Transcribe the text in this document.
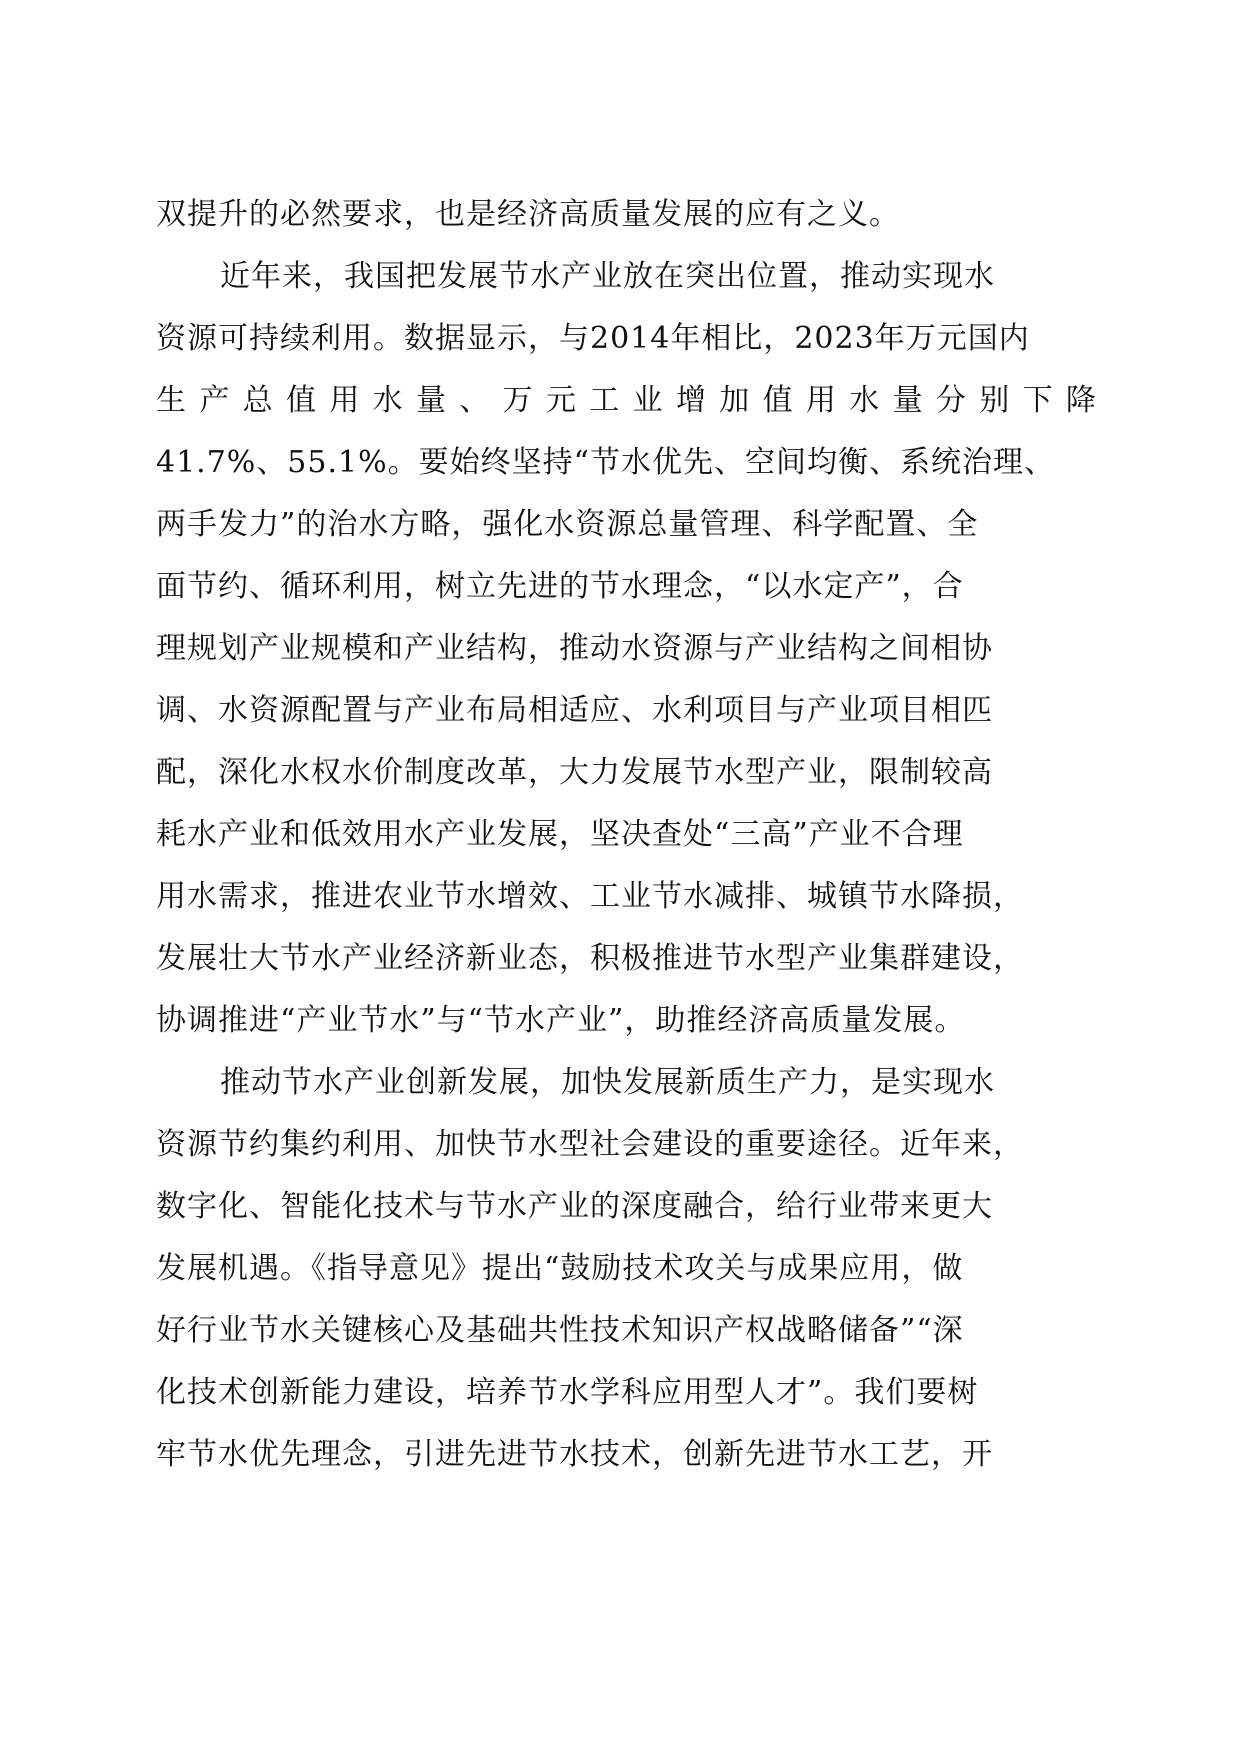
双提升的必然要求，也是经济高质量发展的应有之义。
近年来，我国把发展节水产业放在突出位置，推动实现水
资源可持续利用。数据显示，与2014年相比，2023年万元国内
生 产 总 值 用 水 量 、 万 元 工 业 增 加 值 用 水 量 分 别 下 降
41.7%、55.1%。要始终坚持“节水优先、空间均衡、系统治理、
两手发力”的治水方略，强化水资源总量管理、科学配置、全
面节约、循环利用，树立先进的节水理念，“以水定产”，合
理规划产业规模和产业结构，推动水资源与产业结构之间相协
调、水资源配置与产业布局相适应、水利项目与产业项目相匹
配，深化水权水价制度改革，大力发展节水型产业，限制较高
耗水产业和低效用水产业发展，坚决查处“三高”产业不合理
用水需求，推进农业节水增效、工业节水减排、城镇节水降损，
发展壮大节水产业经济新业态，积极推进节水型产业集群建设，
协调推进“产业节水”与“节水产业”，助推经济高质量发展。
推动节水产业创新发展，加快发展新质生产力，是实现水
资源节约集约利用、加快节水型社会建设的重要途径。近年来，
数字化、智能化技术与节水产业的深度融合，给行业带来更大
发展机遇。《指导意见》提出“鼓励技术攻关与成果应用，做
好行业节水关键核心及基础共性技术知识产权战略储备”“深
化技术创新能力建设，培养节水学科应用型人才”。我们要树
牢节水优先理念，引进先进节水技术，创新先进节水工艺，开
